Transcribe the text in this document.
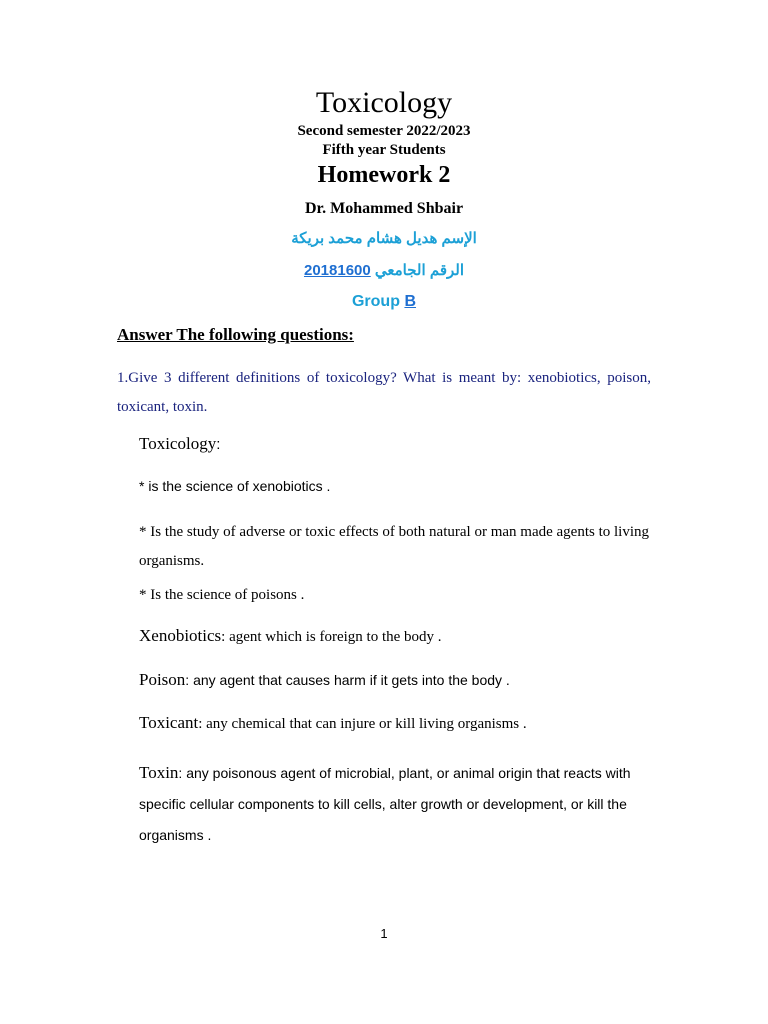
Toxicology
Second semester 2022/2023
Fifth year Students
Homework 2
Dr. Mohammed Shbair
الإسم هديل هشام محمد بريكة
20181600 الرقم الجامعي
Group B
Answer The following questions:
1.Give 3 different definitions of toxicology? What is meant by: xenobiotics, poison, toxicant, toxin.
Toxicology:
* is the science of xenobiotics .
* Is the study of adverse or toxic effects of both natural or man made agents to living organisms.
* Is the science of poisons .
Xenobiotics: agent which is foreign to the body .
Poison: any agent that causes harm if it gets into the body .
Toxicant: any chemical that can injure or kill living organisms .
Toxin: any poisonous agent of microbial, plant, or animal origin that reacts with specific cellular components to kill cells, alter growth or development, or kill the organisms .
1
